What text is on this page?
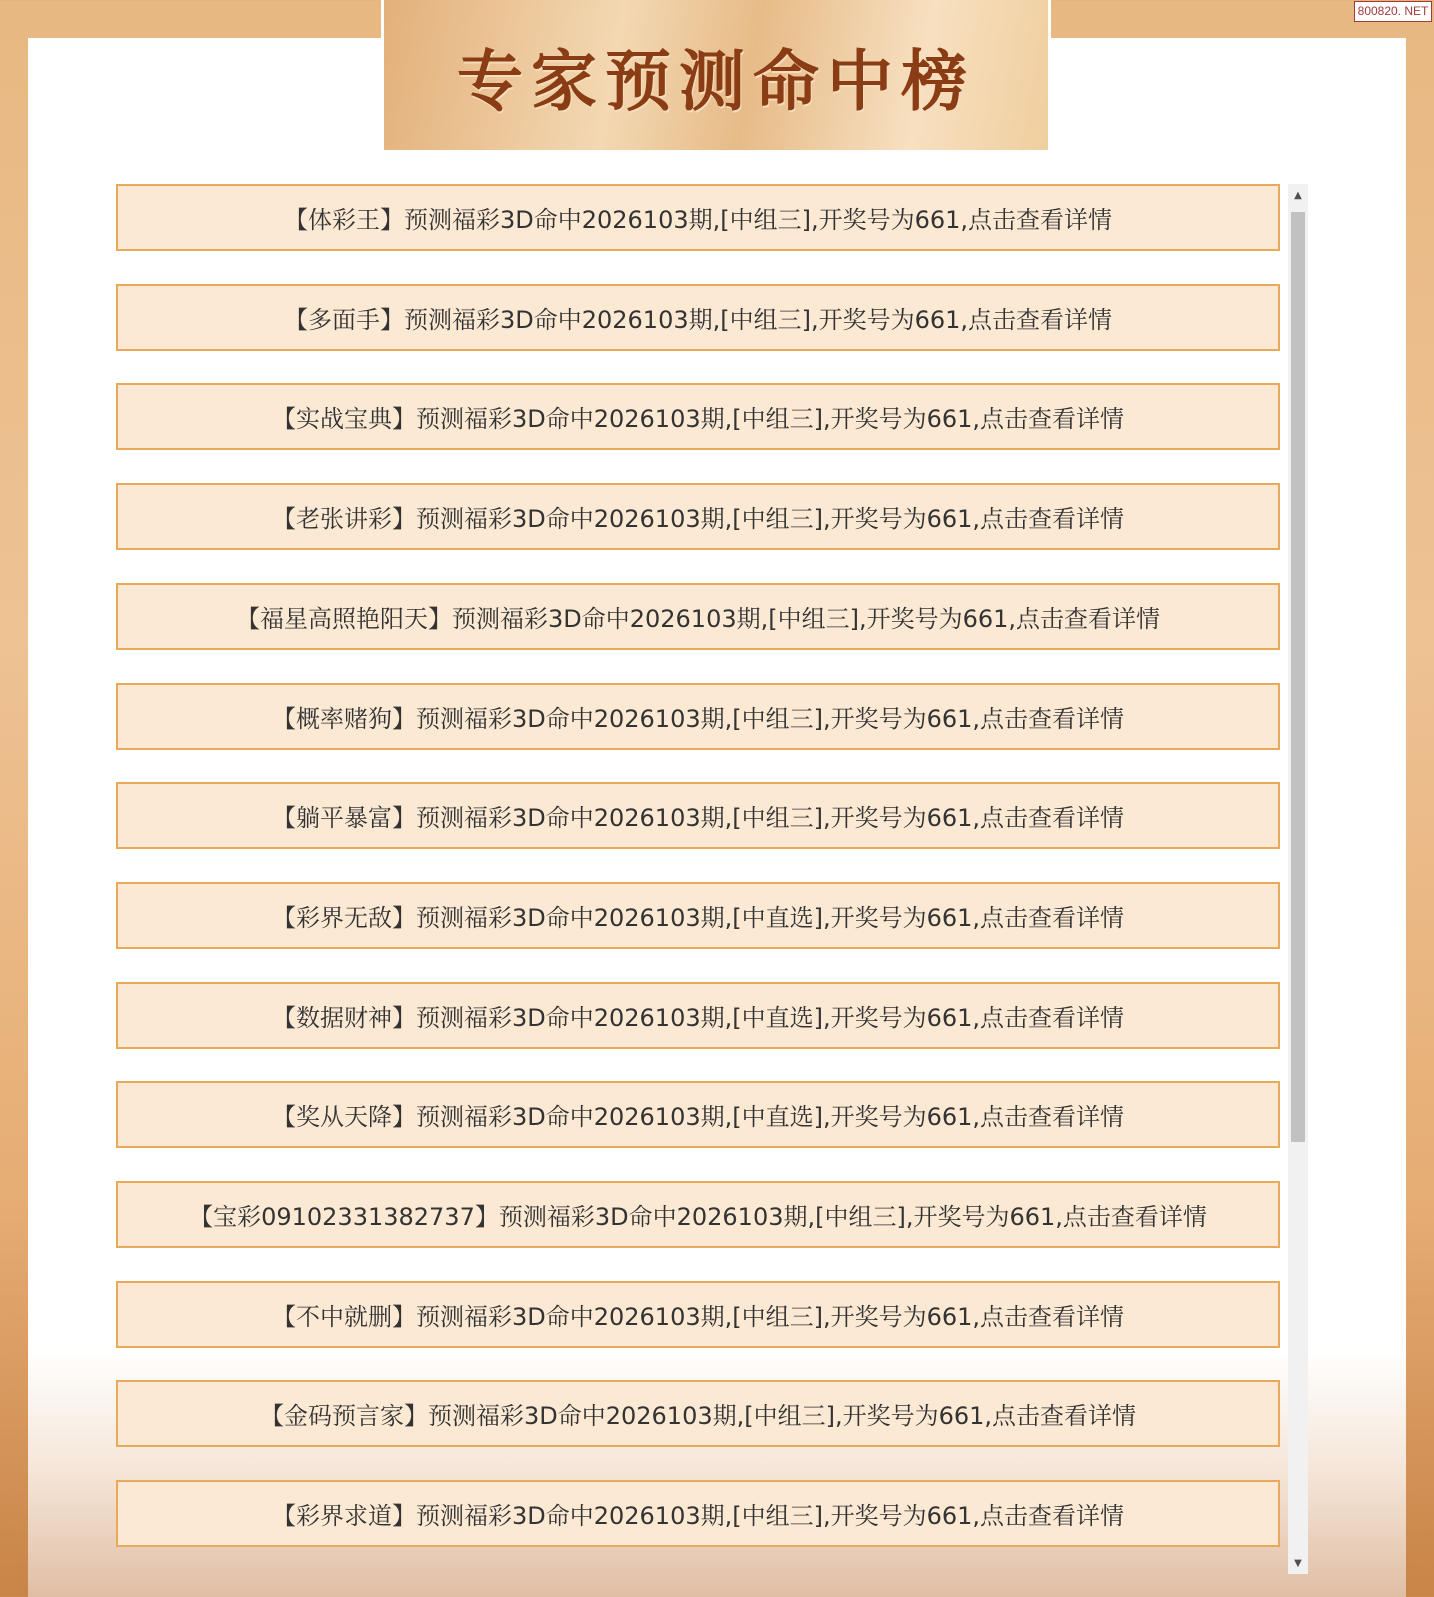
专家预测命中榜
800820. NET
【体彩王】预测福彩3D命中2026103期,[中组三],开奖号为661,点击查看详情
【多面手】预测福彩3D命中2026103期,[中组三],开奖号为661,点击查看详情
【实战宝典】预测福彩3D命中2026103期,[中组三],开奖号为661,点击查看详情
【老张讲彩】预测福彩3D命中2026103期,[中组三],开奖号为661,点击查看详情
【福星高照艳阳天】预测福彩3D命中2026103期,[中组三],开奖号为661,点击查看详情
【概率赌狗】预测福彩3D命中2026103期,[中组三],开奖号为661,点击查看详情
【躺平暴富】预测福彩3D命中2026103期,[中组三],开奖号为661,点击查看详情
【彩界无敌】预测福彩3D命中2026103期,[中直选],开奖号为661,点击查看详情
【数据财神】预测福彩3D命中2026103期,[中直选],开奖号为661,点击查看详情
【奖从天降】预测福彩3D命中2026103期,[中直选],开奖号为661,点击查看详情
【宝彩09102331382737】预测福彩3D命中2026103期,[中组三],开奖号为661,点击查看详情
【不中就删】预测福彩3D命中2026103期,[中组三],开奖号为661,点击查看详情
【金码预言家】预测福彩3D命中2026103期,[中组三],开奖号为661,点击查看详情
【彩界求道】预测福彩3D命中2026103期,[中组三],开奖号为661,点击查看详情
▲
▼
